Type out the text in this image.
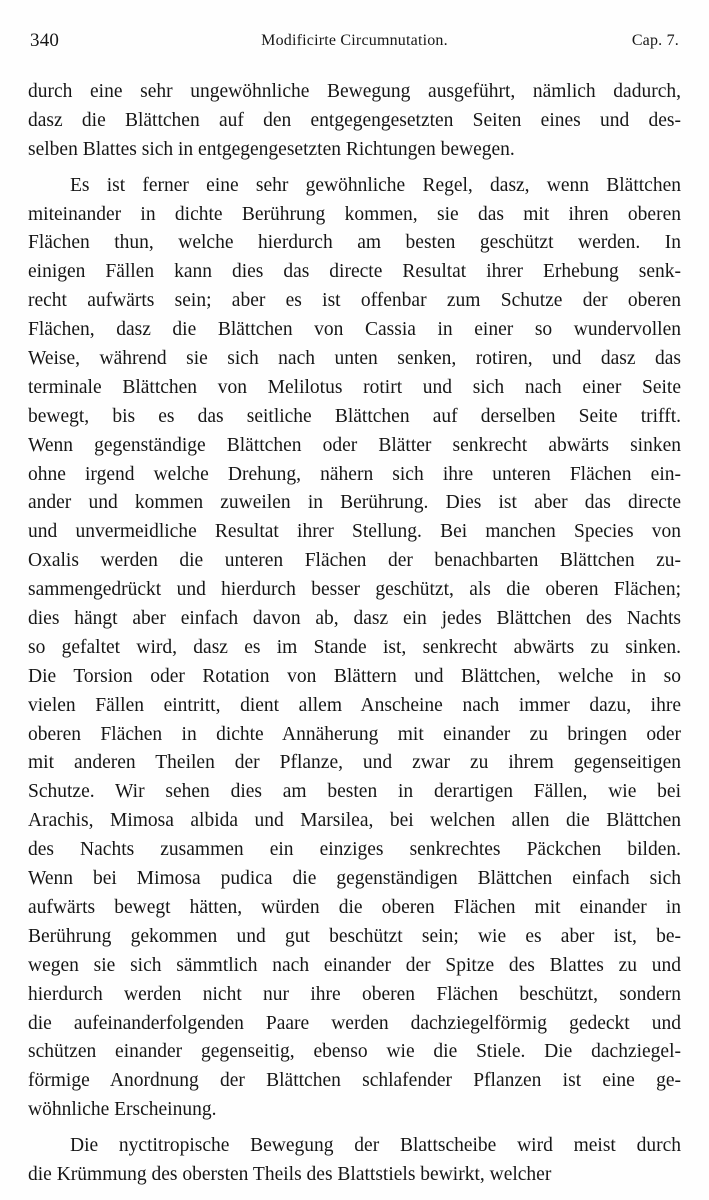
340	Modificirte Circumnutation.	Cap. 7.
durch eine sehr ungewöhnliche Bewegung ausgeführt, nämlich dadurch,
dasz die Blättchen auf den entgegengesetzten Seiten eines und des-
selben Blattes sich in entgegengesetzten Richtungen bewegen.
Es ist ferner eine sehr gewöhnliche Regel, dasz, wenn Blättchen
miteinander in dichte Berührung kommen, sie das mit ihren oberen
Flächen thun, welche hierdurch am besten geschützt werden. In
einigen Fällen kann dies das directe Resultat ihrer Erhebung senk-
recht aufwärts sein; aber es ist offenbar zum Schutze der oberen
Flächen, dasz die Blättchen von Cassia in einer so wundervollen
Weise, während sie sich nach unten senken, rotiren, und dasz das
terminale Blättchen von Melilotus rotirt und sich nach einer Seite
bewegt, bis es das seitliche Blättchen auf derselben Seite trifft.
Wenn gegenständige Blättchen oder Blätter senkrecht abwärts sinken
ohne irgend welche Drehung, nähern sich ihre unteren Flächen ein-
ander und kommen zuweilen in Berührung. Dies ist aber das directe
und unvermeidliche Resultat ihrer Stellung. Bei manchen Species von
Oxalis werden die unteren Flächen der benachbarten Blättchen zu-
sammengedrückt und hierdurch besser geschützt, als die oberen Flächen;
dies hängt aber einfach davon ab, dasz ein jedes Blättchen des Nachts
so gefaltet wird, dasz es im Stande ist, senkrecht abwärts zu sinken.
Die Torsion oder Rotation von Blättern und Blättchen, welche in so
vielen Fällen eintritt, dient allem Anscheine nach immer dazu, ihre
oberen Flächen in dichte Annäherung mit einander zu bringen oder
mit anderen Theilen der Pflanze, und zwar zu ihrem gegenseitigen
Schutze. Wir sehen dies am besten in derartigen Fällen, wie bei
Arachis, Mimosa albida und Marsilea, bei welchen allen die Blättchen
des Nachts zusammen ein einziges senkrechtes Päckchen bilden.
Wenn bei Mimosa pudica die gegenständigen Blättchen einfach sich
aufwärts bewegt hätten, würden die oberen Flächen mit einander in
Berührung gekommen und gut beschützt sein; wie es aber ist, be-
wegen sie sich sämmtlich nach einander der Spitze des Blattes zu und
hierdurch werden nicht nur ihre oberen Flächen beschützt, sondern
die aufeinanderfolgenden Paare werden dachziegelförmig gedeckt und
schützen einander gegenseitig, ebenso wie die Stiele. Die dachziegel-
förmige Anordnung der Blättchen schlafender Pflanzen ist eine ge-
wöhnliche Erscheinung.
Die nyctitropische Bewegung der Blattscheibe wird meist durch
die Krümmung des obersten Theils des Blattstiels bewirkt, welcher
